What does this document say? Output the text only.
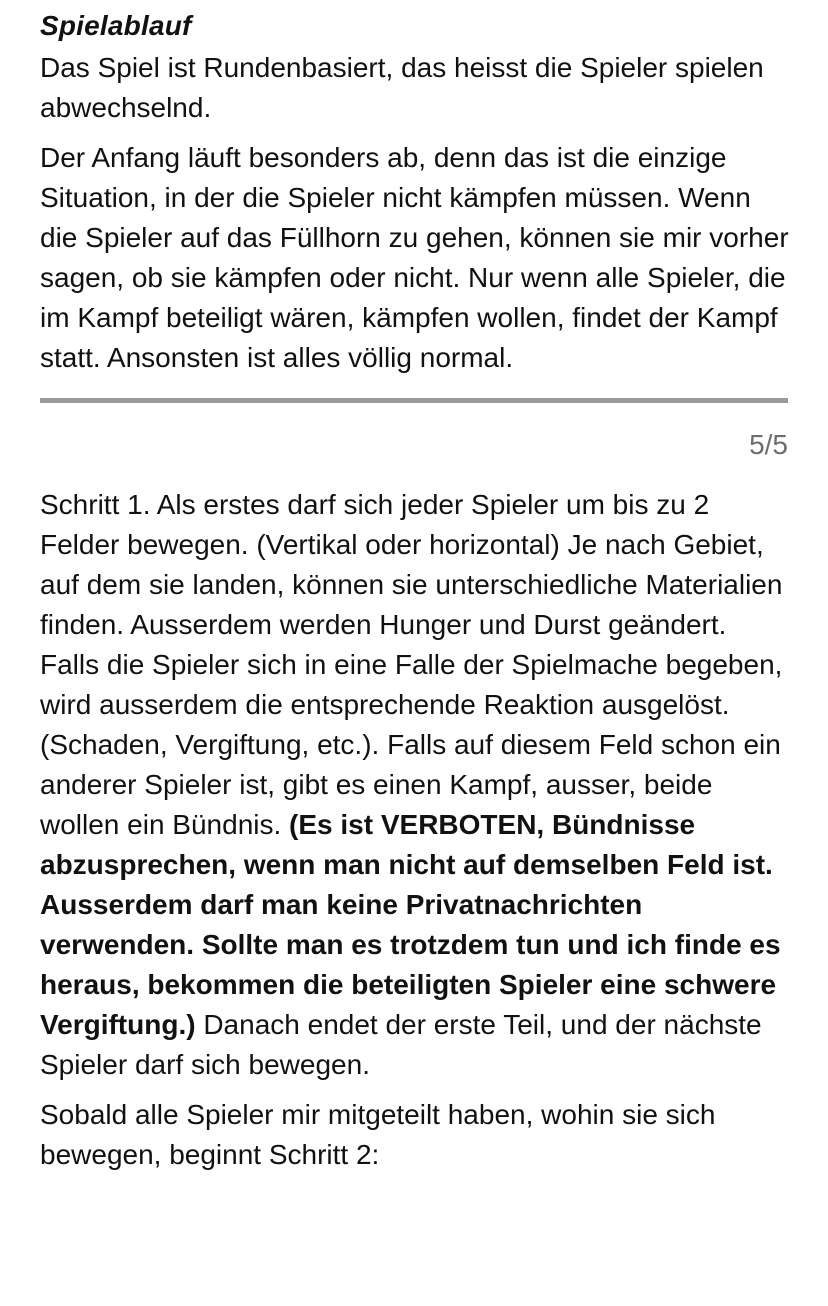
Spielablauf

Das Spiel ist Rundenbasiert, das heisst die Spieler spielen abwechselnd.

Der Anfang läuft besonders ab, denn das ist die einzige Situation, in der die Spieler nicht kämpfen müssen. Wenn die Spieler auf das Füllhorn zu gehen, können sie mir vorher sagen, ob sie kämpfen oder nicht. Nur wenn alle Spieler, die im Kampf beteiligt wären, kämpfen wollen, findet der Kampf statt. Ansonsten ist alles völlig normal.

5/5

Schritt 1. Als erstes darf sich jeder Spieler um bis zu 2 Felder bewegen. (Vertikal oder horizontal) Je nach Gebiet, auf dem sie landen, können sie unterschiedliche Materialien finden. Ausserdem werden Hunger und Durst geändert. Falls die Spieler sich in eine Falle der Spielmache begeben, wird ausserdem die entsprechende Reaktion ausgelöst. (Schaden, Vergiftung, etc.). Falls auf diesem Feld schon ein anderer Spieler ist, gibt es einen Kampf, ausser, beide wollen ein Bündnis. (Es ist VERBOTEN, Bündnisse abzusprechen, wenn man nicht auf demselben Feld ist. Ausserdem darf man keine Privatnachrichten verwenden. Sollte man es trotzdem tun und ich finde es heraus, bekommen die beteiligten Spieler eine schwere Vergiftung.) Danach endet der erste Teil, und der nächste Spieler darf sich bewegen.

Sobald alle Spieler mir mitgeteilt haben, wohin sie sich bewegen, beginnt Schritt 2:
